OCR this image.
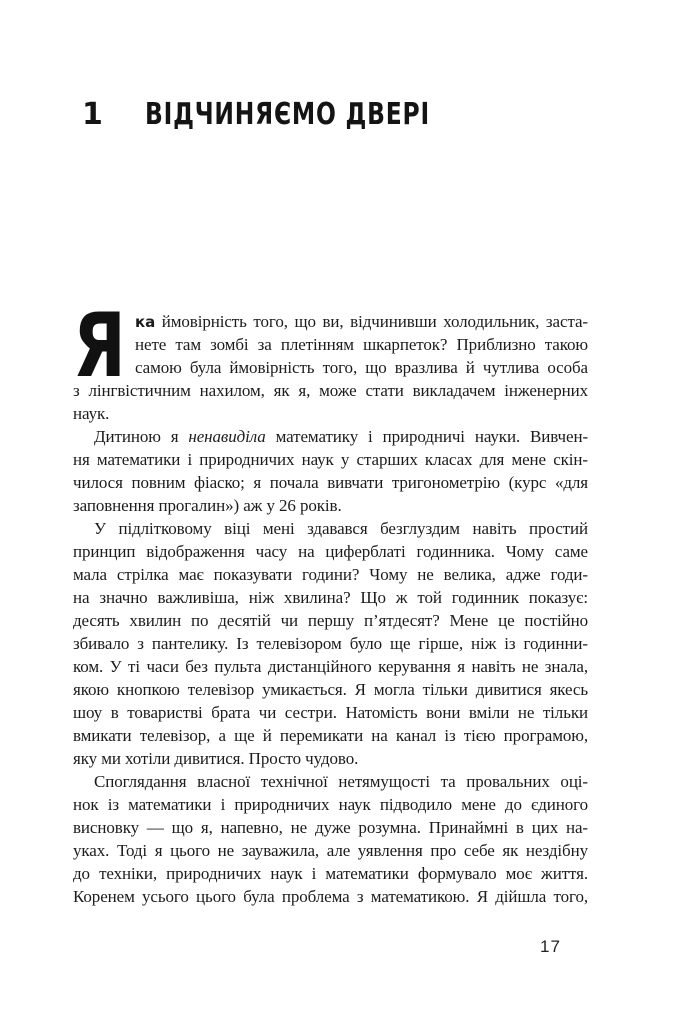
1	ВІДЧИНЯЄМО ДВЕРІ
Я ка ймовірність того, що ви, відчинивши холодильник, заста-
нете там зомбі за плетінням шкарпеток? Приблизно такою
самою була ймовірність того, що вразлива й чутлива особа
з лінгвістичним нахилом, як я, може стати викладачем інженерних
наук.
Дитиною я ненавиділа математику і природничі науки. Вивчен-
ня математики і природничих наук у старших класах для мене скін-
чилося повним фіаско; я почала вивчати тригонометрію (курс «для
заповнення прогалин») аж у 26 років.
У підлітковому віці мені здавався безглуздим навіть простий
принцип відображення часу на циферблаті годинника. Чому саме
мала стрілка має показувати години? Чому не велика, адже годи-
на значно важливіша, ніж хвилина? Що ж той годинник показує:
десять хвилин по десятій чи першу п’ятдесят? Мене це постійно
збивало з пантелику. Із телевізором було ще гірше, ніж із годинни-
ком. У ті часи без пульта дистанційного керування я навіть не знала,
якою кнопкою телевізор умикається. Я могла тільки дивитися якесь
шоу в товаристві брата чи сестри. Натомість вони вміли не тільки
вмикати телевізор, а ще й перемикати на канал із тією програмою,
яку ми хотіли дивитися. Просто чудово.
Споглядання власної технічної нетямущості та провальних оці-
нок із математики і природничих наук підводило мене до єдиного
висновку — що я, напевно, не дуже розумна. Принаймні в цих на-
уках. Тоді я цього не зауважила, але уявлення про себе як нездібну
до техніки, природничих наук і математики формувало моє життя.
Коренем усього цього була проблема з математикою. Я дійшла того,
17
